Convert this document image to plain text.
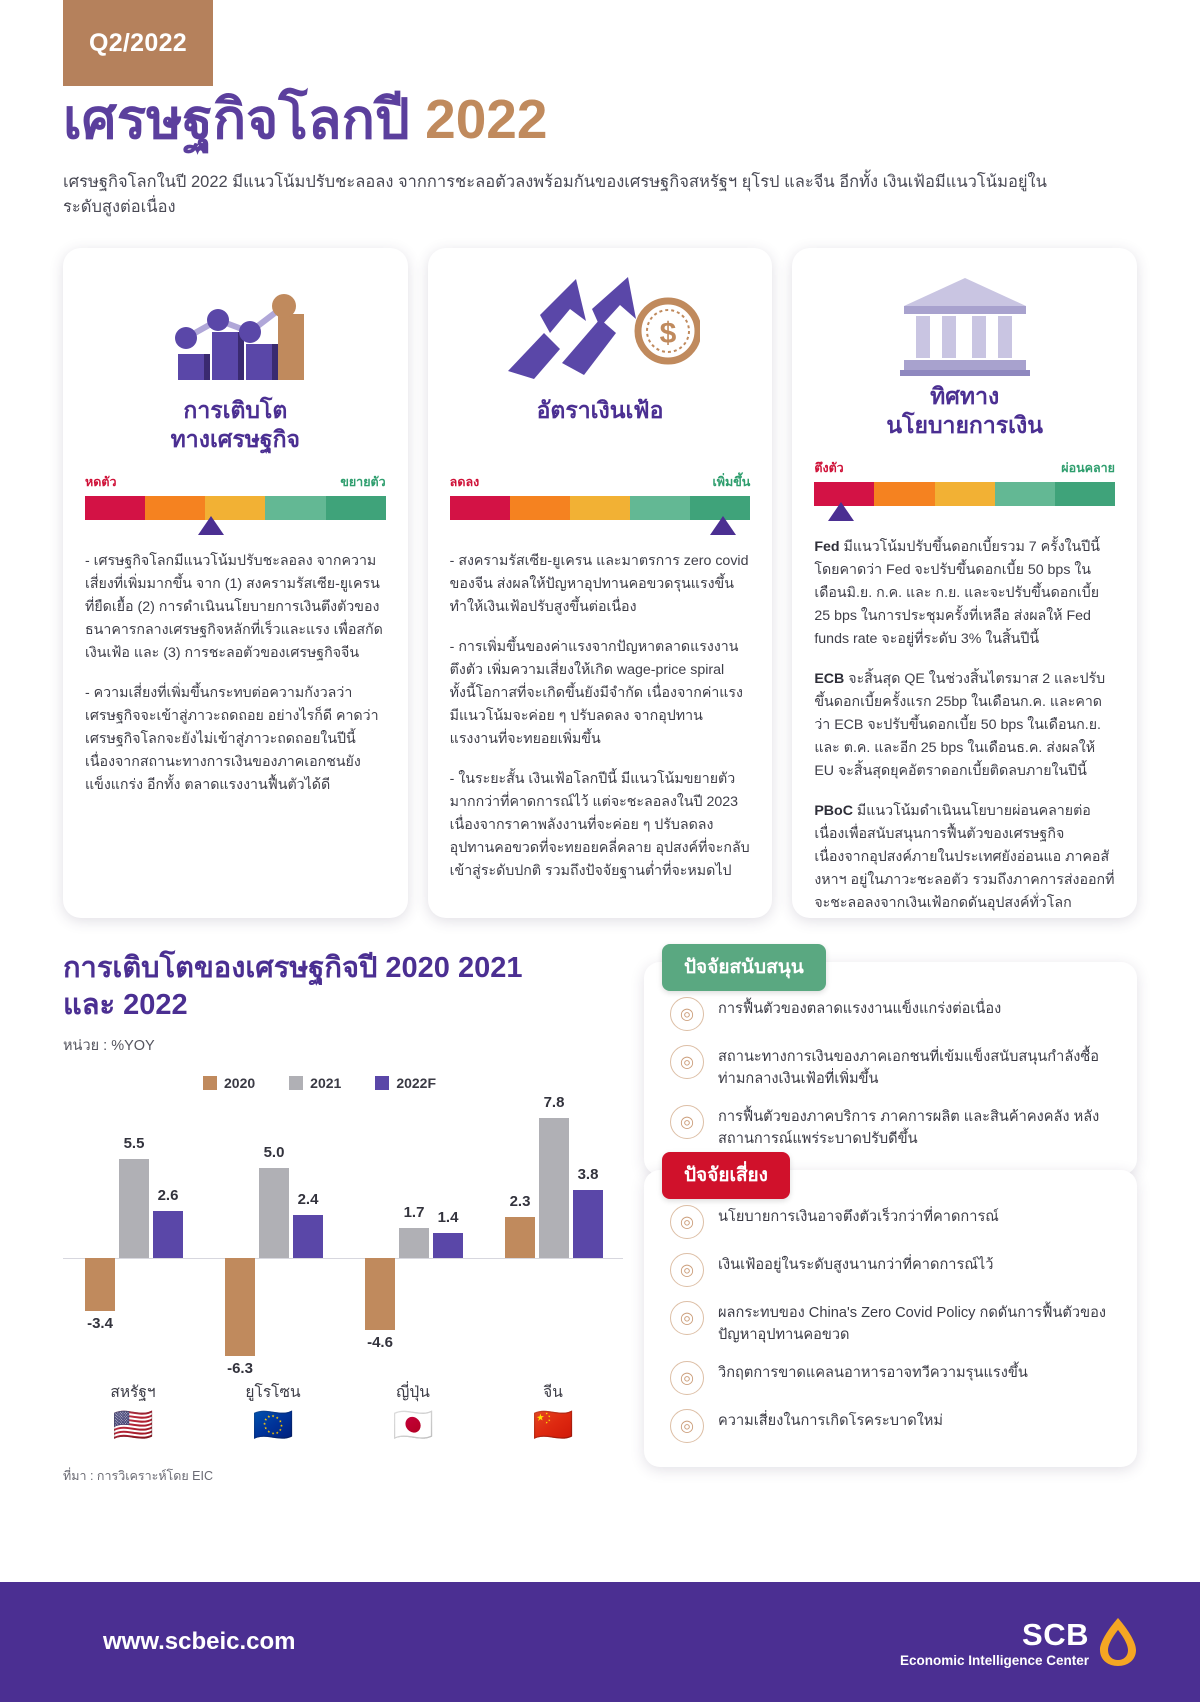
Q2/2022
เศรษฐกิจโลกปี 2022
เศรษฐกิจโลกในปี 2022 มีแนวโน้มปรับชะลอลง จากการชะลอตัวลงพร้อมกันของเศรษฐกิจสหรัฐฯ ยุโรป และจีน อีกทั้ง เงินเฟ้อมีแนวโน้มอยู่ในระดับสูงต่อเนื่อง
การเติบโต
ทางเศรษฐกิจ
หดตัว	ขยายตัว

- เศรษฐกิจโลกมีแนวโน้มปรับชะลอลง จากความเสี่ยงที่เพิ่มมากขึ้น จาก (1) สงครามรัสเซีย-ยูเครนที่ยืดเยื้อ (2) การดำเนินนโยบายการเงินตึงตัวของธนาคารกลางเศรษฐกิจหลักที่เร็วและแรง เพื่อสกัดเงินเฟ้อ และ (3) การชะลอตัวของเศรษฐกิจจีน

- ความเสี่ยงที่เพิ่มขึ้นกระทบต่อความกังวลว่าเศรษฐกิจจะเข้าสู่ภาวะถดถอย อย่างไรก็ดี คาดว่าเศรษฐกิจโลกจะยังไม่เข้าสู่ภาวะถดถอยในปีนี้ เนื่องจากสถานะทางการเงินของภาคเอกชนยังแข็งแกร่ง อีกทั้ง ตลาดแรงงานฟื้นตัวได้ดี

$
อัตราเงินเฟ้อ
ลดลง	เพิ่มขึ้น

- สงครามรัสเซีย-ยูเครน และมาตรการ zero covid ของจีน ส่งผลให้ปัญหาอุปทานคอขวดรุนแรงขึ้น ทำให้เงินเฟ้อปรับสูงขึ้นต่อเนื่อง

- การเพิ่มขึ้นของค่าแรงจากปัญหาตลาดแรงงานตึงตัว เพิ่มความเสี่ยงให้เกิด wage-price spiral ทั้งนี้โอกาสที่จะเกิดขึ้นยังมีจำกัด เนื่องจากค่าแรงมีแนวโน้มจะค่อย ๆ ปรับลดลง จากอุปทานแรงงานที่จะทยอยเพิ่มขึ้น

- ในระยะสั้น เงินเฟ้อโลกปีนี้ มีแนวโน้มขยายตัวมากกว่าที่คาดการณ์ไว้ แต่จะชะลอลงในปี 2023 เนื่องจากราคาพลังงานที่จะค่อย ๆ ปรับลดลง อุปทานคอขวดที่จะทยอยคลี่คลาย อุปสงค์ที่จะกลับเข้าสู่ระดับปกติ รวมถึงปัจจัยฐานต่ำที่จะหมดไป

ทิศทาง
นโยบายการเงิน
ตึงตัว	ผ่อนคลาย

Fed มีแนวโน้มปรับขึ้นดอกเบี้ยรวม 7 ครั้งในปีนี้ โดยคาดว่า Fed จะปรับขึ้นดอกเบี้ย 50 bps ในเดือนมิ.ย. ก.ค. และ ก.ย. และจะปรับขึ้นดอกเบี้ย 25 bps ในการประชุมครั้งที่เหลือ ส่งผลให้ Fed funds rate จะอยู่ที่ระดับ 3% ในสิ้นปีนี้

ECB จะสิ้นสุด QE ในช่วงสิ้นไตรมาส 2 และปรับขึ้นดอกเบี้ยครั้งแรก 25bp ในเดือนก.ค. และคาดว่า ECB จะปรับขึ้นดอกเบี้ย 50 bps ในเดือนก.ย. และ ต.ค. และอีก 25 bps ในเดือนธ.ค. ส่งผลให้ EU จะสิ้นสุดยุคอัตราดอกเบี้ยติดลบภายในปีนี้

PBoC มีแนวโน้มดำเนินนโยบายผ่อนคลายต่อเนื่องเพื่อสนับสนุนการฟื้นตัวของเศรษฐกิจ เนื่องจากอุปสงค์ภายในประเทศยังอ่อนแอ ภาคอสังหาฯ อยู่ในภาวะชะลอตัว รวมถึงภาคการส่งออกที่จะชะลอลงจากเงินเฟ้อกดดันอุปสงค์ทั่วโลก

การเติบโตของเศรษฐกิจปี 2020 2021
และ 2022
หน่วย : %YOY
2020	2021	2022F
-3.4
5.5
2.6
-6.3
5.0
2.4
-4.6
1.7 1.4
2.3
7.8
3.8
สหรัฐฯ
🇺🇸
ยูโรโซน
🇪🇺
ญี่ปุ่น
🇯🇵
จีน
🇨🇳
ที่มา : การวิเคราะห์โดย EIC
ปัจจัยสนับสนุน
◎	การฟื้นตัวของตลาดแรงงานแข็งแกร่งต่อเนื่อง
◎	สถานะทางการเงินของภาคเอกชนที่เข้มแข็งสนับสนุนกำลังซื้อท่ามกลางเงินเฟ้อที่เพิ่มขึ้น
◎	การฟื้นตัวของภาคบริการ ภาคการผลิต และสินค้าคงคลัง หลังสถานการณ์แพร่ระบาดปรับดีขึ้น
ปัจจัยเสี่ยง
◎	นโยบายการเงินอาจตึงตัวเร็วกว่าที่คาดการณ์
◎	เงินเฟ้ออยู่ในระดับสูงนานกว่าที่คาดการณ์ไว้
◎	ผลกระทบของ China's Zero Covid Policy กดดันการฟื้นตัวของปัญหาอุปทานคอขวด
◎	วิกฤตการขาดแคลนอาหารอาจทวีความรุนแรงขึ้น
◎	ความเสี่ยงในการเกิดโรคระบาดใหม่
www.scbeic.com	SCB
Economic Intelligence Center
